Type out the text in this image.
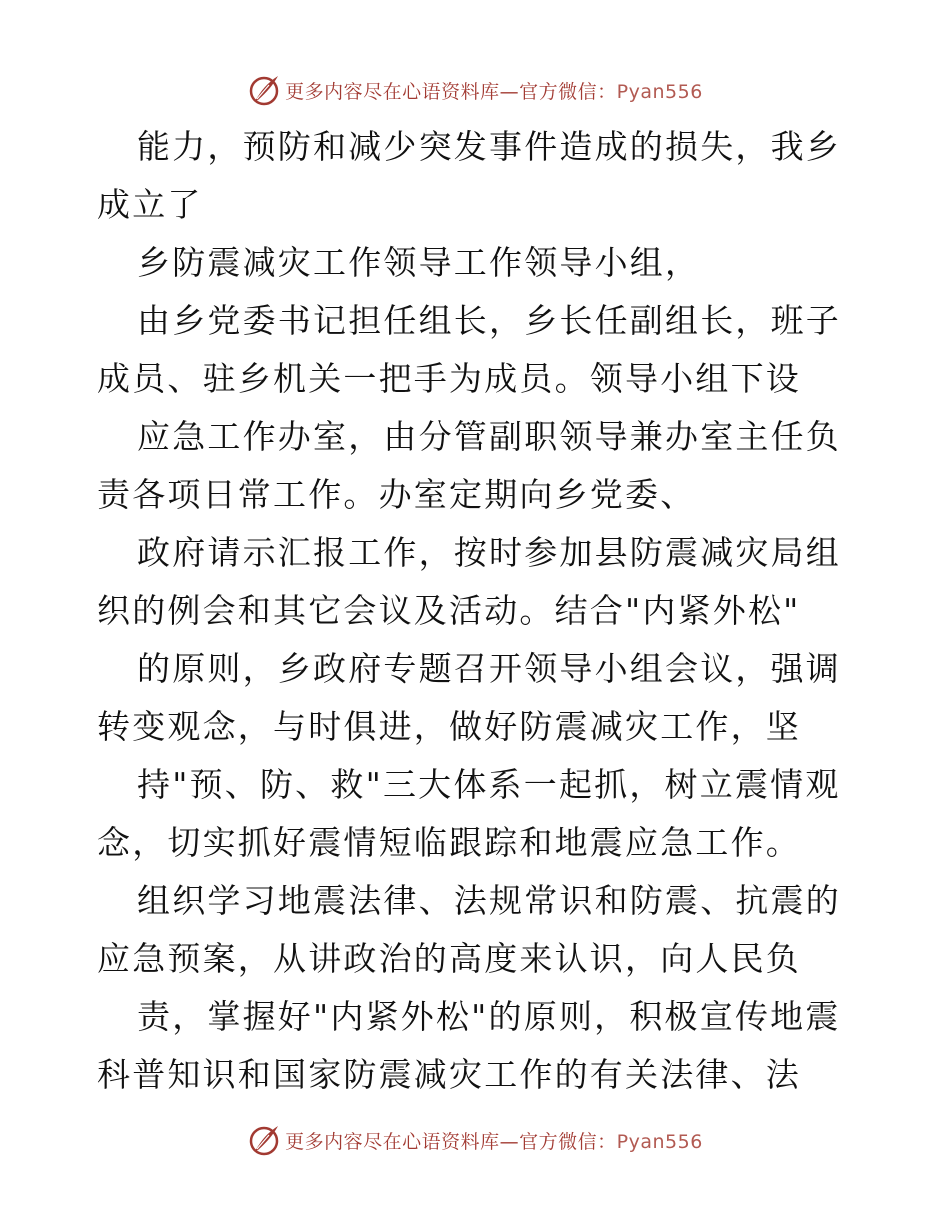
更多内容尽在心语资料库—官方微信：Pyan556

能力，预防和减少突发事件造成的损失，我乡成立了

乡防震减灾工作领导工作领导小组，

由乡党委书记担任组长，乡长任副组长，班子成员、驻乡机关一把手为成员。领导小组下设

应急工作办室，由分管副职领导兼办室主任负责各项日常工作。办室定期向乡党委、

政府请示汇报工作，按时参加县防震减灾局组织的例会和其它会议及活动。结合"内紧外松"

的原则，乡政府专题召开领导小组会议，强调转变观念，与时俱进，做好防震减灾工作，坚

持"预、防、救"三大体系一起抓，树立震情观念，切实抓好震情短临跟踪和地震应急工作。

组织学习地震法律、法规常识和防震、抗震的应急预案，从讲政治的高度来认识，向人民负

责，掌握好"内紧外松"的原则，积极宣传地震科普知识和国家防震减灾工作的有关法律、法

更多内容尽在心语资料库—官方微信：Pyan556
